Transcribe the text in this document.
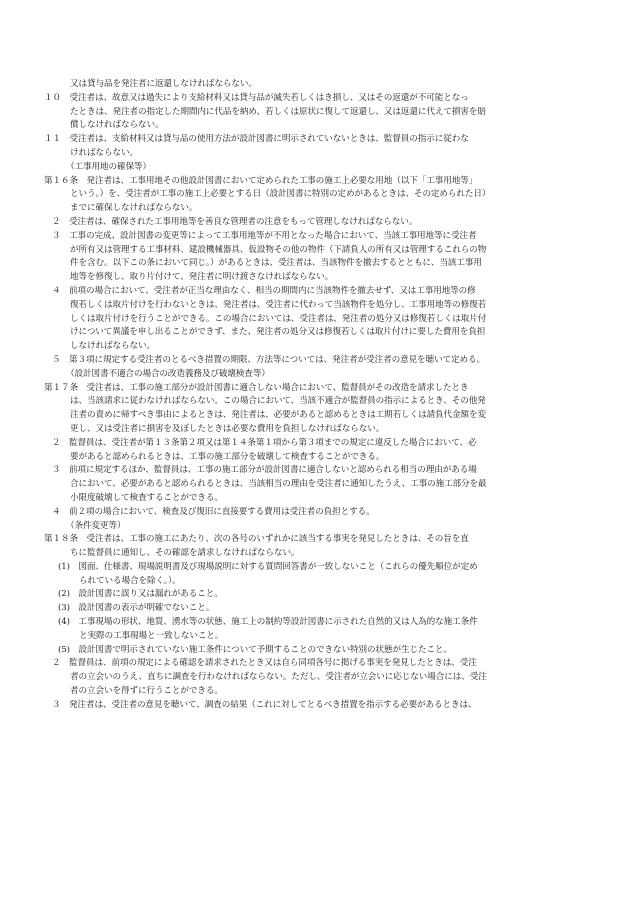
又は貸与品を発注者に返還しなければならない。
１０　受注者は、故意又は過失により支給材料又は貸与品が滅失若しくはき損し、又はその返還が不可能となっ
たときは、発注者の指定した期間内に代品を納め、若しくは原状に復して返還し、又は返還に代えて損害を賠
償しなければならない。
１１　受注者は、支給材料又は貸与品の使用方法が設計図書に明示されていないときは、監督員の指示に従わな
ければならない。
（工事用地の確保等）
第１６条　発注者は、工事用地その他設計図書において定められた工事の施工上必要な用地（以下「工事用地等」
という。）を、受注者が工事の施工上必要とする日（設計図書に特別の定めがあるときは、その定められた日）
までに確保しなければならない。
２　受注者は、確保された工事用地等を善良な管理者の注意をもって管理しなければならない。
３　工事の完成、設計図書の変更等によって工事用地等が不用となった場合において、当該工事用地等に受注者
が所有又は管理する工事材料、建設機械器具、仮設物その他の物件（下請負人の所有又は管理するこれらの物
件を含む。以下この条において同じ。）があるときは、受注者は、当該物件を撤去するとともに、当該工事用
地等を修復し、取り片付けて、発注者に明け渡さなければならない。
４　前項の場合において、受注者が正当な理由なく、相当の期間内に当該物件を撤去せず、又は工事用地等の修
復若しくは取片付けを行わないときは、発注者は、受注者に代わって当該物件を処分し、工事用地等の修復若
しくは取片付けを行うことができる。この場合においては、受注者は、発注者の処分又は修復若しくは取片付
けについて異議を申し出ることができず、また、発注者の処分又は修復若しくは取片付けに要した費用を負担
しなければならない。
５　第３項に規定する受注者のとるべき措置の期限、方法等については、発注者が受注者の意見を聴いて定める。
（設計図書不適合の場合の改造義務及び破壊検査等）
第１７条　受注者は、工事の施工部分が設計図書に適合しない場合において、監督員がその改造を請求したとき
は、当該請求に従わなければならない。この場合において、当該不適合が監督員の指示によるとき、その他発
注者の責めに帰すべき事由によるときは、発注者は、必要があると認めるときは工期若しくは請負代金額を変
更し、又は受注者に損害を及ぼしたときは必要な費用を負担しなければならない。
２　監督員は、受注者が第１３条第２項又は第１４条第１項から第３項までの規定に違反した場合において、必
要があると認められるときは、工事の施工部分を破壊して検査することができる。
３　前項に規定するほか、監督員は、工事の施工部分が設計図書に適合しないと認められる相当の理由がある場
合において、必要があると認められるときは、当該相当の理由を受注者に通知したうえ、工事の施工部分を最
小限度破壊して検査することができる。
４　前２項の場合において、検査及び復旧に直接要する費用は受注者の負担とする。
（条件変更等）
第１８条　受注者は、工事の施工にあたり、次の各号のいずれかに該当する事実を発見したときは、その旨を直
ちに監督員に通知し、その確認を請求しなければならない。
(1)　図面、仕様書、現場説明書及び現場説明に対する質問回答書が一致しないこと（これらの優先順位が定め
られている場合を除く。）。
(2)　設計図書に誤り又は漏れがあること。
(3)　設計図書の表示が明確でないこと。
(4)　工事現場の形状、地質、湧水等の状態、施工上の制約等設計図書に示された自然的又は人為的な施工条件
と実際の工事現場と一致しないこと。
(5)　設計図書で明示されていない施工条件について予期することのできない特別の状態が生じたこと。
２　監督員は、前項の規定による確認を請求されたとき又は自ら同項各号に掲げる事実を発見したときは、受注
者の立会いのうえ、直ちに調査を行わなければならない。ただし、受注者が立会いに応じない場合には、受注
者の立会いを得ずに行うことができる。
３　発注者は、受注者の意見を聴いて、調査の結果（これに対してとるべき措置を指示する必要があるときは、
